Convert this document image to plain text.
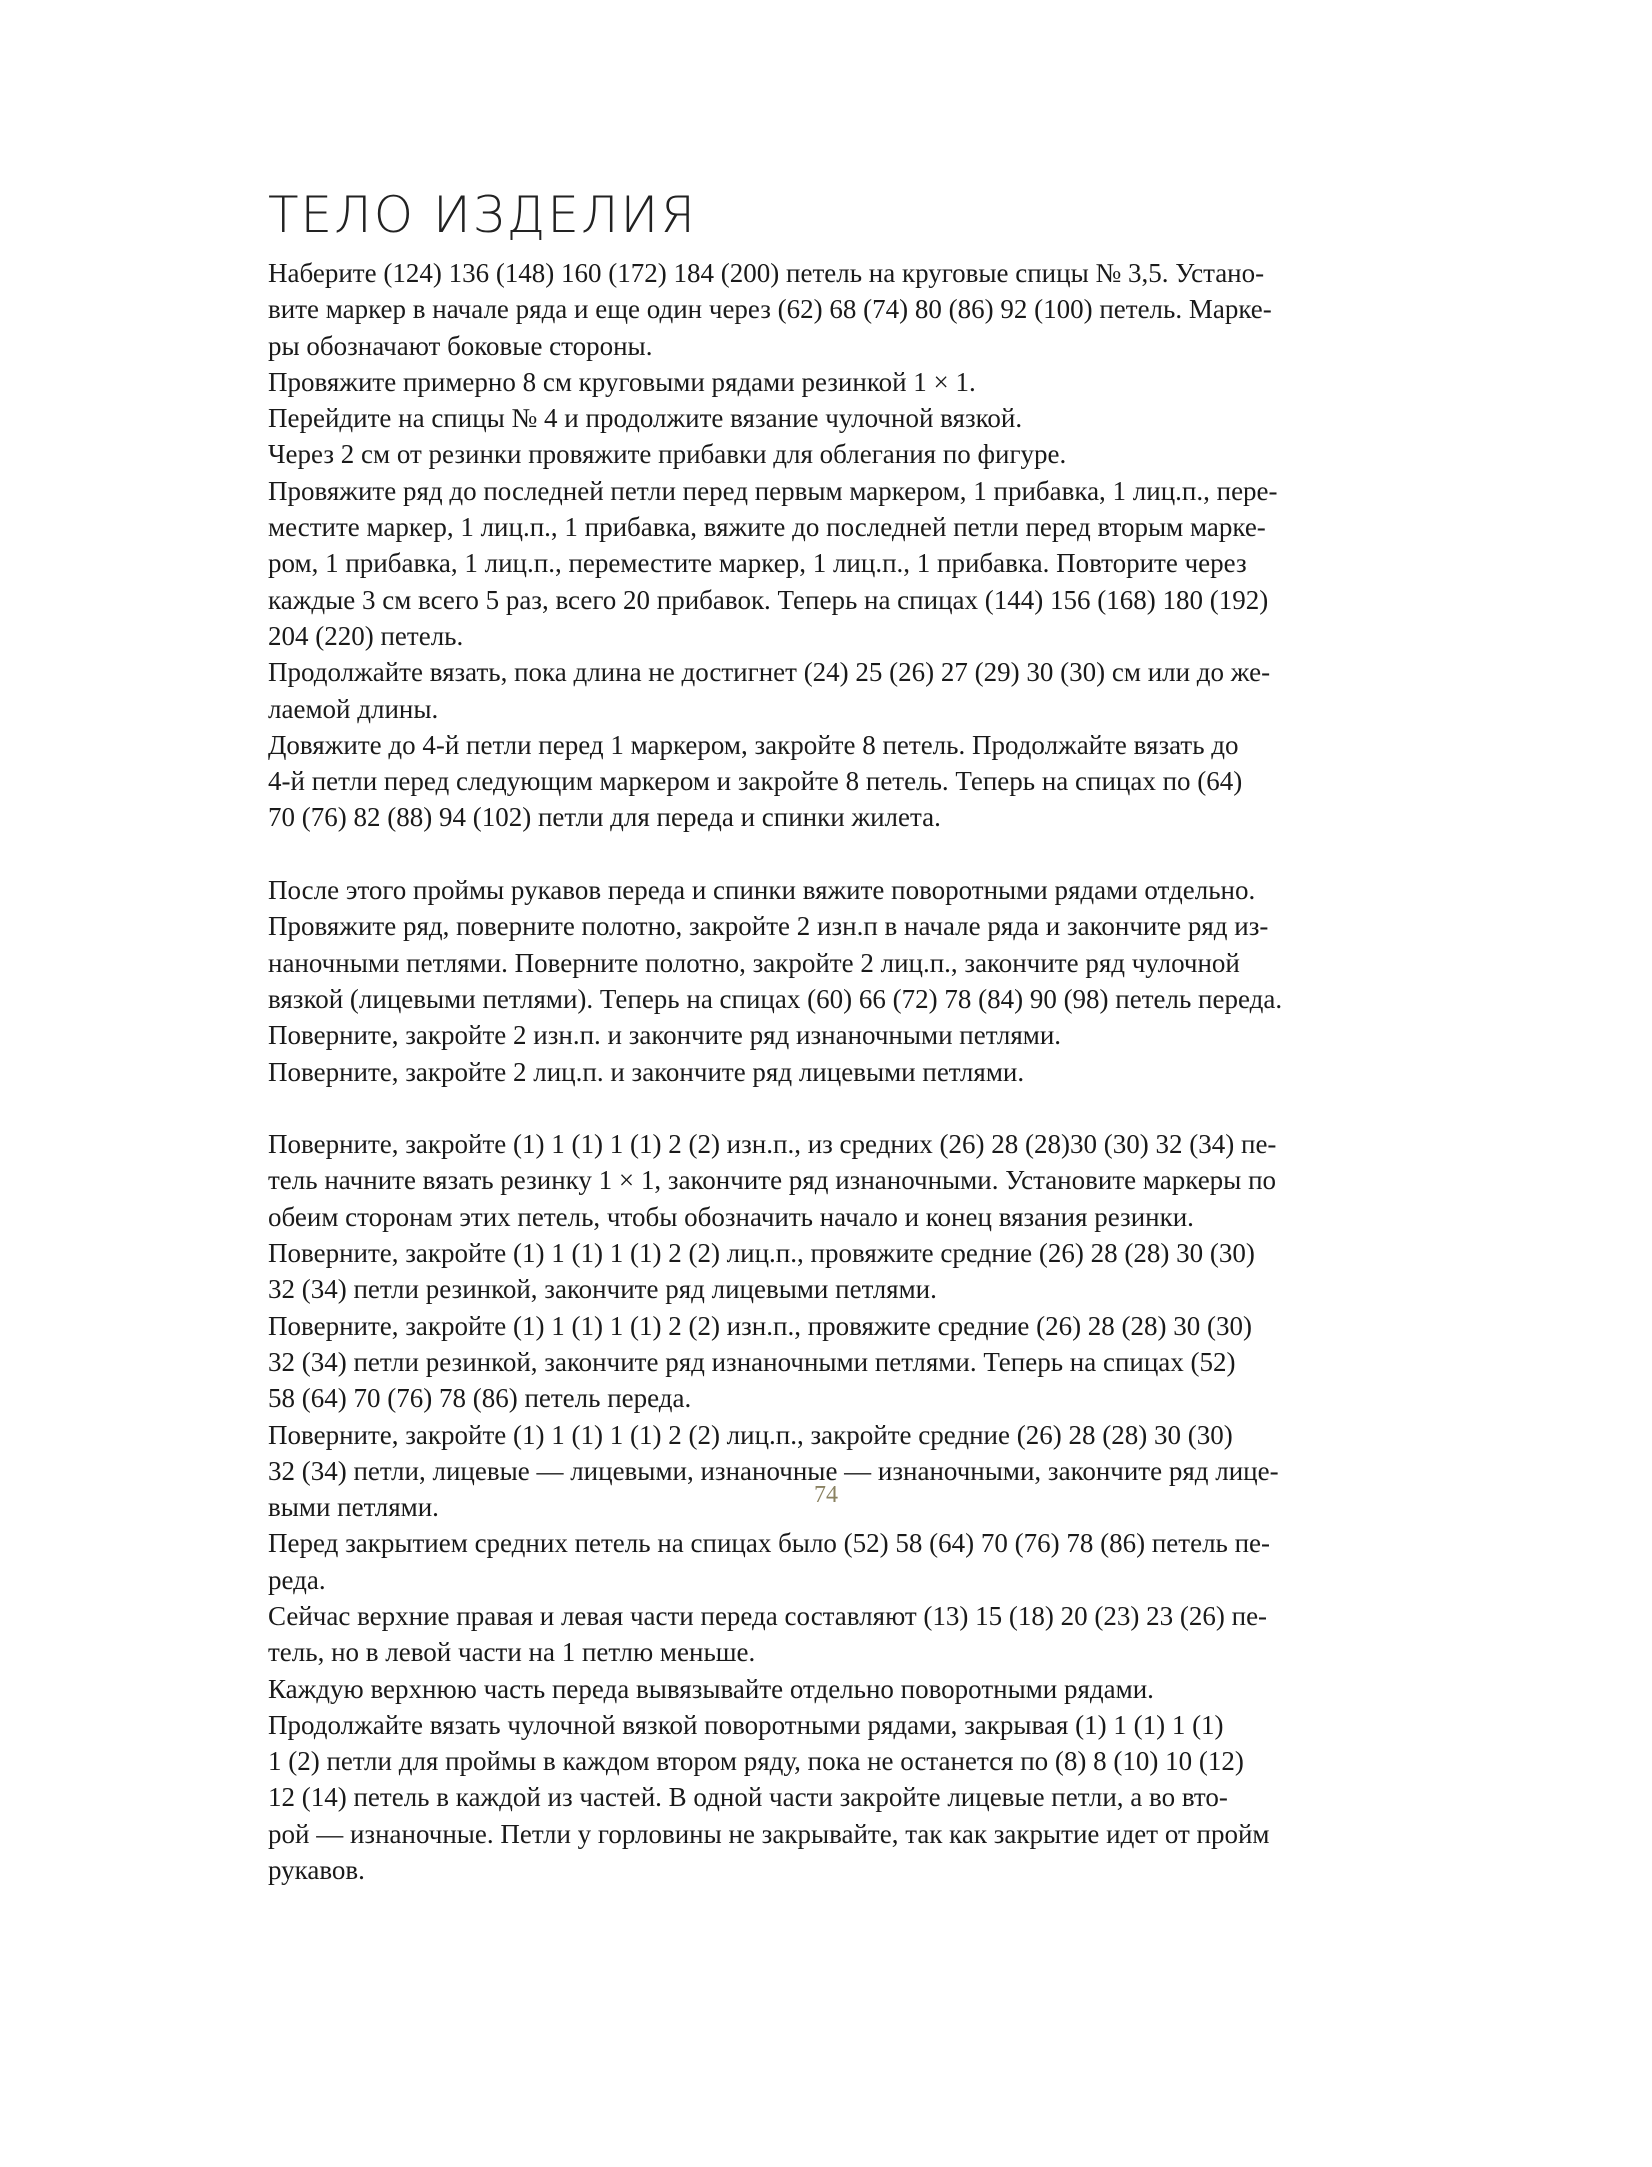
ТЕЛО ИЗДЕЛИЯ
Наберите (124) 136 (148) 160 (172) 184 (200) петель на круговые спицы № 3,5. Устано-
вите маркер в начале ряда и еще один через (62) 68 (74) 80 (86) 92 (100) петель. Марке-
ры обозначают боковые стороны.
Провяжите примерно 8 см круговыми рядами резинкой 1 × 1.
Перейдите на спицы № 4 и продолжите вязание чулочной вязкой.
Через 2 см от резинки провяжите прибавки для облегания по фигуре.
Провяжите ряд до последней петли перед первым маркером, 1 прибавка, 1 лиц.п., пере-
местите маркер, 1 лиц.п., 1 прибавка, вяжите до последней петли перед вторым марке-
ром, 1 прибавка, 1 лиц.п., переместите маркер, 1 лиц.п., 1 прибавка. Повторите через
каждые 3 см всего 5 раз, всего 20 прибавок. Теперь на спицах (144) 156 (168) 180 (192)
204 (220) петель.
Продолжайте вязать, пока длина не достигнет (24) 25 (26) 27 (29) 30 (30) см или до же-
лаемой длины.
Довяжите до 4-й петли перед 1 маркером, закройте 8 петель. Продолжайте вязать до
4-й петли перед следующим маркером и закройте 8 петель. Теперь на спицах по (64)
70 (76) 82 (88) 94 (102) петли для переда и спинки жилета.
После этого проймы рукавов переда и спинки вяжите поворотными рядами отдельно.
Провяжите ряд, поверните полотно, закройте 2 изн.п в начале ряда и закончите ряд из-
наночными петлями. Поверните полотно, закройте 2 лиц.п., закончите ряд чулочной
вязкой (лицевыми петлями). Теперь на спицах (60) 66 (72) 78 (84) 90 (98) петель переда.
Поверните, закройте 2 изн.п. и закончите ряд изнаночными петлями.
Поверните, закройте 2 лиц.п. и закончите ряд лицевыми петлями.
Поверните, закройте (1) 1 (1) 1 (1) 2 (2) изн.п., из средних (26) 28 (28)30 (30) 32 (34) пе-
тель начните вязать резинку 1 × 1, закончите ряд изнаночными. Установите маркеры по
обеим сторонам этих петель, чтобы обозначить начало и конец вязания резинки.
Поверните, закройте (1) 1 (1) 1 (1) 2 (2) лиц.п., провяжите средние (26) 28 (28) 30 (30)
32 (34) петли резинкой, закончите ряд лицевыми петлями.
Поверните, закройте (1) 1 (1) 1 (1) 2 (2) изн.п., провяжите средние (26) 28 (28) 30 (30)
32 (34) петли резинкой, закончите ряд изнаночными петлями. Теперь на спицах (52)
58 (64) 70 (76) 78 (86) петель переда.
Поверните, закройте (1) 1 (1) 1 (1) 2 (2) лиц.п., закройте средние (26) 28 (28) 30 (30)
32 (34) петли, лицевые — лицевыми, изнаночные — изнаночными, закончите ряд лице-
выми петлями.
Перед закрытием средних петель на спицах было (52) 58 (64) 70 (76) 78 (86) петель пе-
реда.
Сейчас верхние правая и левая части переда составляют (13) 15 (18) 20 (23) 23 (26) пе-
тель, но в левой части на 1 петлю меньше.
Каждую верхнюю часть переда вывязывайте отдельно поворотными рядами.
Продолжайте вязать чулочной вязкой поворотными рядами, закрывая (1) 1 (1) 1 (1)
1 (2) петли для проймы в каждом втором ряду, пока не останется по (8) 8 (10) 10 (12)
12 (14) петель в каждой из частей. В одной части закройте лицевые петли, а во вто-
рой — изнаночные. Петли у горловины не закрывайте, так как закрытие идет от пройм
рукавов.
74
